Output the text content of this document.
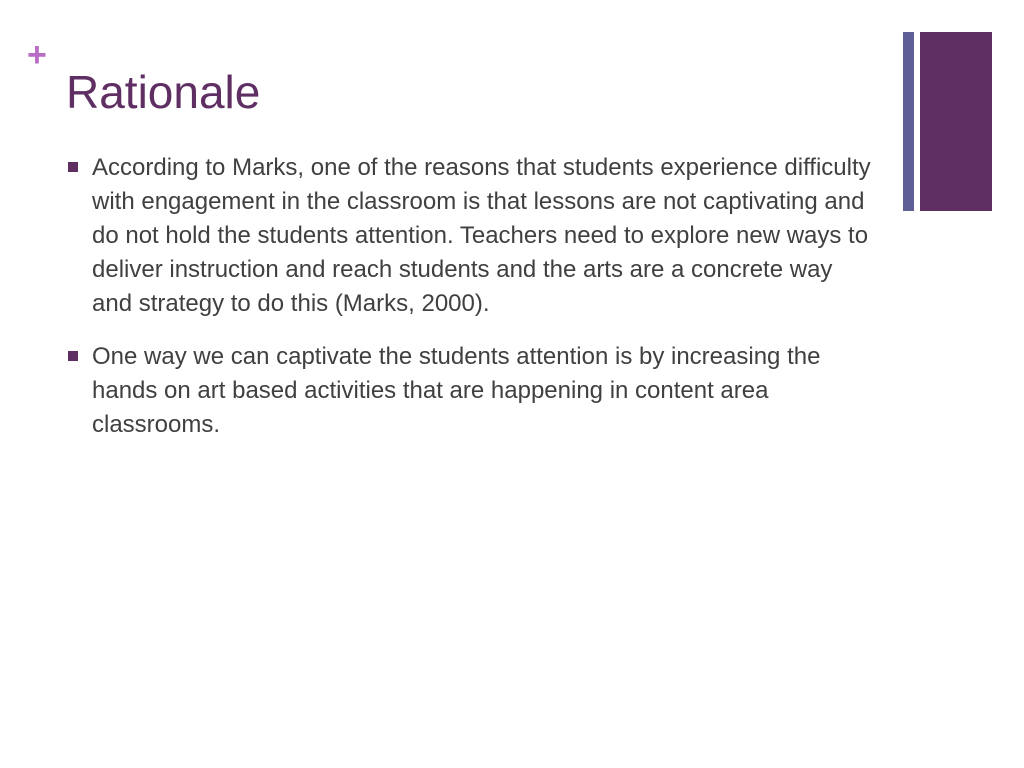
+
Rationale
According to Marks, one of the reasons that students experience difficulty with engagement in the classroom is that lessons are not captivating and do not hold the students attention. Teachers need to explore new ways to deliver instruction and reach students and the arts are a concrete way and strategy to do this (Marks, 2000).
One way we can captivate the students attention is by increasing the hands on art based activities that are happening in content area classrooms.
